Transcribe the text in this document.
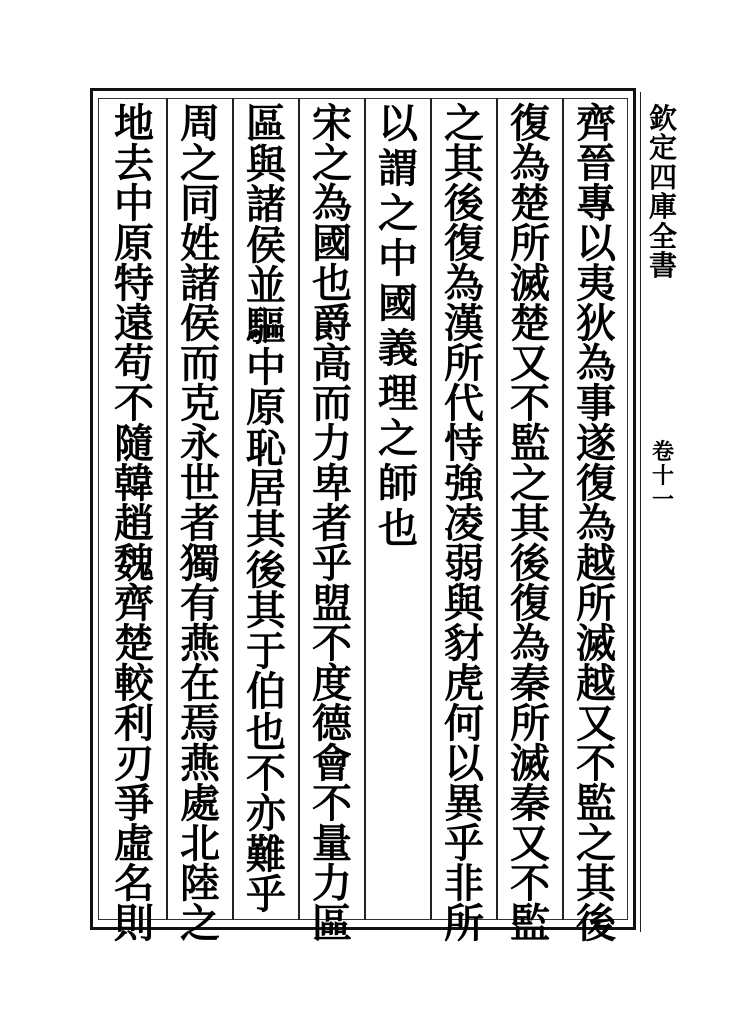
欽
定
四
庫
全
書
卷
十
一
齊
晉
專
以
夷
狄
為
事
遂
復
為
越
所
滅
越
又
不
監
之
其
後
復
為
楚
所
滅
楚
又
不
監
之
其
後
復
為
秦
所
滅
秦
又
不
監
之
其
後
復
為
漢
所
代
恃
強
凌
弱
與
豺
虎
何
以
異
乎
非
所
以
謂
之
中
國
義
理
之
師
也
宋
之
為
國
也
爵
高
而
力
卑
者
乎
盟
不
度
德
會
不
量
力
區
區
與
諸
侯
並
驅
中
原
恥
居
其
後
其
于
伯
也
不
亦
難
乎
周
之
同
姓
諸
侯
而
克
永
世
者
獨
有
燕
在
焉
燕
處
北
陸
之
地
去
中
原
特
遠
苟
不
隨
韓
趙
魏
齊
楚
較
利
刃
爭
虛
名
則
